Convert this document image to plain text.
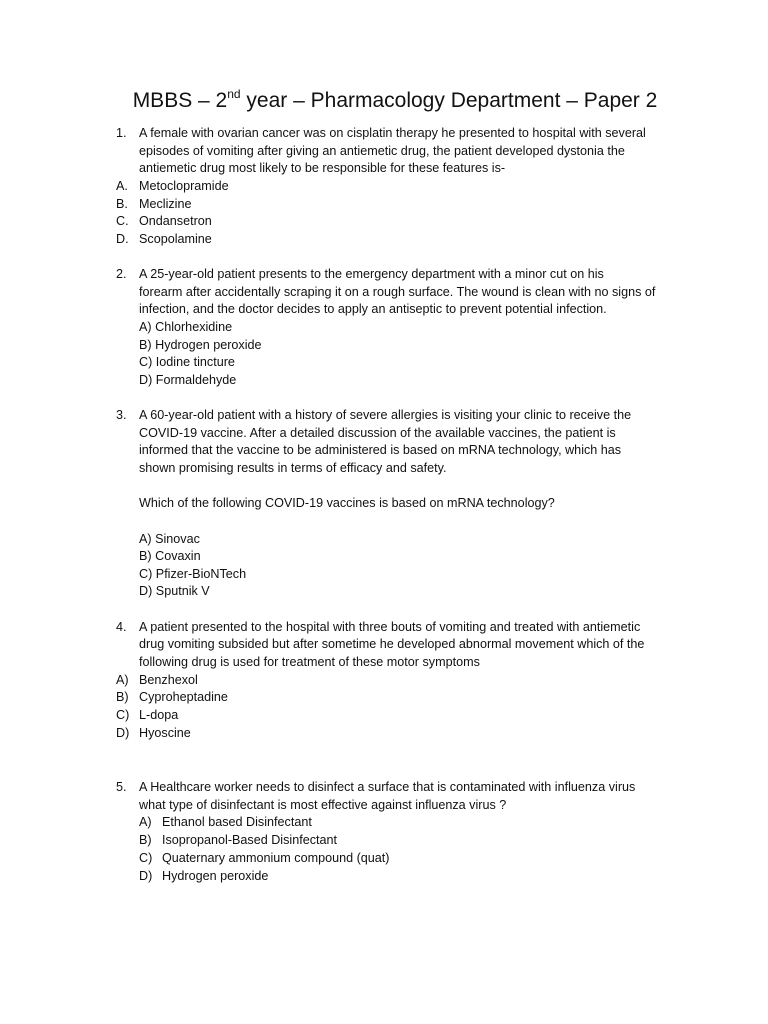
MBBS – 2nd year – Pharmacology Department – Paper 2
1. A female with ovarian cancer was on cisplatin therapy he presented to hospital with several
episodes of vomiting after giving an antiemetic drug, the patient developed dystonia the
antiemetic drug most likely to be responsible for these features is-
A. Metoclopramide
B. Meclizine
C. Ondansetron
D. Scopolamine
2. A 25-year-old patient presents to the emergency department with a minor cut on his
forearm after accidentally scraping it on a rough surface. The wound is clean with no signs of
infection, and the doctor decides to apply an antiseptic to prevent potential infection.
A) Chlorhexidine
B) Hydrogen peroxide
C) Iodine tincture
D) Formaldehyde
3. A 60-year-old patient with a history of severe allergies is visiting your clinic to receive the
COVID-19 vaccine. After a detailed discussion of the available vaccines, the patient is
informed that the vaccine to be administered is based on mRNA technology, which has
shown promising results in terms of efficacy and safety.
Which of the following COVID-19 vaccines is based on mRNA technology?
A) Sinovac
B) Covaxin
C) Pfizer-BioNTech
D) Sputnik V
4. A patient presented to the hospital with three bouts of vomiting and treated with antiemetic
drug vomiting subsided but after sometime he developed abnormal movement which of the
following drug is used for treatment of these motor symptoms
A) Benzhexol
B) Cyproheptadine
C) L-dopa
D) Hyoscine
5. A Healthcare worker needs to disinfect a surface that is contaminated with influenza virus
what type of disinfectant is most effective against influenza virus ?
A) Ethanol based Disinfectant
B) Isopropanol-Based Disinfectant
C) Quaternary ammonium compound (quat)
D) Hydrogen peroxide
